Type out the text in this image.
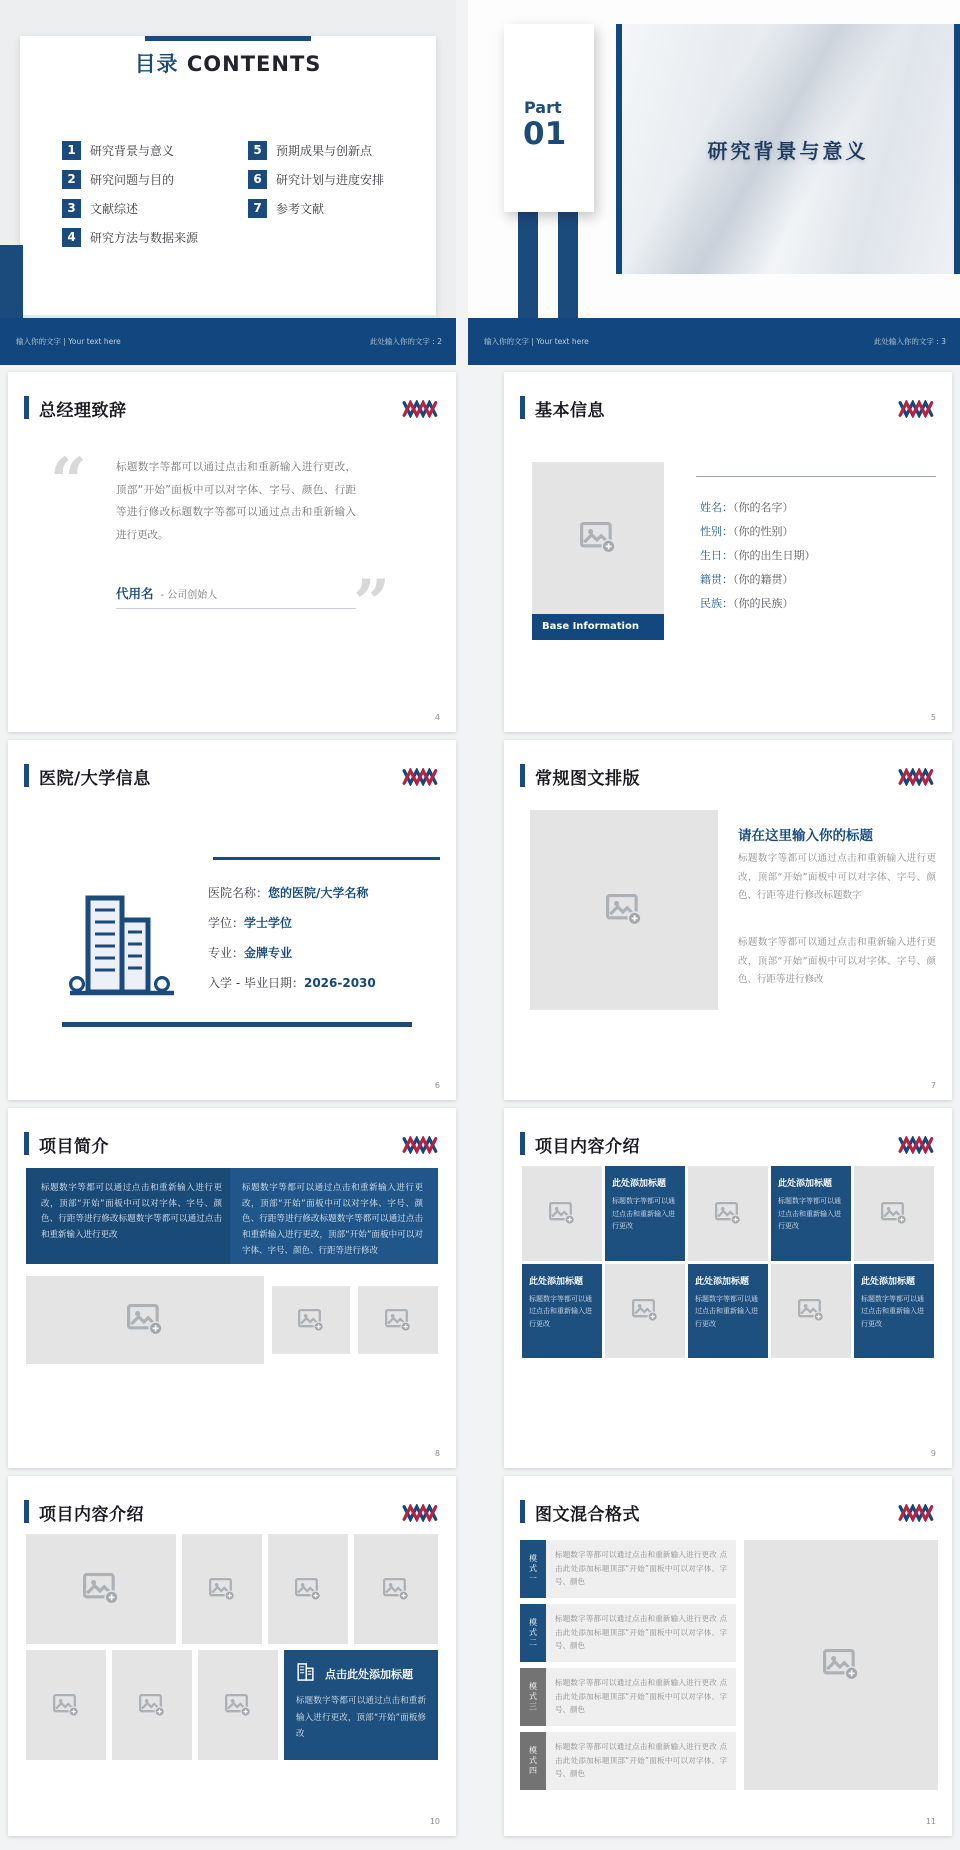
目录 CONTENTS
1	研究背景与意义
2	研究问题与目的
3	文献综述
4	研究方法与数据来源
5	预期成果与创新点
6	研究计划与进度安排
7	参考文献
输入你的文字 | Your text here	此处输入你的文字 : 2
Part
01	研究背景与意义
输入你的文字 | Your text here	此处输入你的文字 : 3
总经理致辞
“	标题数字等都可以通过点击和重新输入进行更改，顶部“开始”面板中可以对字体、字号、颜色、行距等进行修改标题数字等都可以通过点击和重新输入进行更改。
代用名 - 公司创始人 ”
4
基本信息
Base Information
姓名：（你的名字）
性别：（你的性别）
生日：（你的出生日期）
籍贯：（你的籍贯）
民族：（你的民族）
5
医院/大学信息
医院名称：您的医院/大学名称
学位：学士学位
专业：金牌专业
入学 - 毕业日期：2026-2030
6
常规图文排版
请在这里输入你的标题
标题数字等都可以通过点击和重新输入进行更改，顶部“开始”面板中可以对字体、字号、颜色、行距等进行修改标题数字
标题数字等都可以通过点击和重新输入进行更改，顶部“开始”面板中可以对字体、字号、颜色、行距等进行修改
7
项目简介
标题数字等都可以通过点击和重新输入进行更改，顶部“开始”面板中可以对字体、字号、颜色、行距等进行修改标题数字等都可以通过点击和重新输入进行更改
标题数字等都可以通过点击和重新输入进行更改，顶部“开始”面板中可以对字体、字号、颜色、行距等进行修改标题数字等都可以通过点击和重新输入进行更改，顶部“开始”面板中可以对字体、字号、颜色、行距等进行修改
8
项目内容介绍
此处添加标题
标题数字等都可以通过点击和重新输入进行更改
此处添加标题
标题数字等都可以通过点击和重新输入进行更改
此处添加标题
标题数字等都可以通过点击和重新输入进行更改
此处添加标题
标题数字等都可以通过点击和重新输入进行更改
此处添加标题
标题数字等都可以通过点击和重新输入进行更改
9
项目内容介绍
点击此处添加标题
标题数字等都可以通过点击和重新输入进行更改，顶部“开始”面板修改
10
图文混合格式
模式一	标题数字等都可以通过点击和重新输入进行更改 点击此处添加标题顶部“开始”面板中可以对字体、字号、颜色
模式二	标题数字等都可以通过点击和重新输入进行更改 点击此处添加标题顶部“开始”面板中可以对字体、字号、颜色
模式三	标题数字等都可以通过点击和重新输入进行更改 点击此处添加标题顶部“开始”面板中可以对字体、字号、颜色
模式四	标题数字等都可以通过点击和重新输入进行更改 点击此处添加标题顶部“开始”面板中可以对字体、字号、颜色
11
